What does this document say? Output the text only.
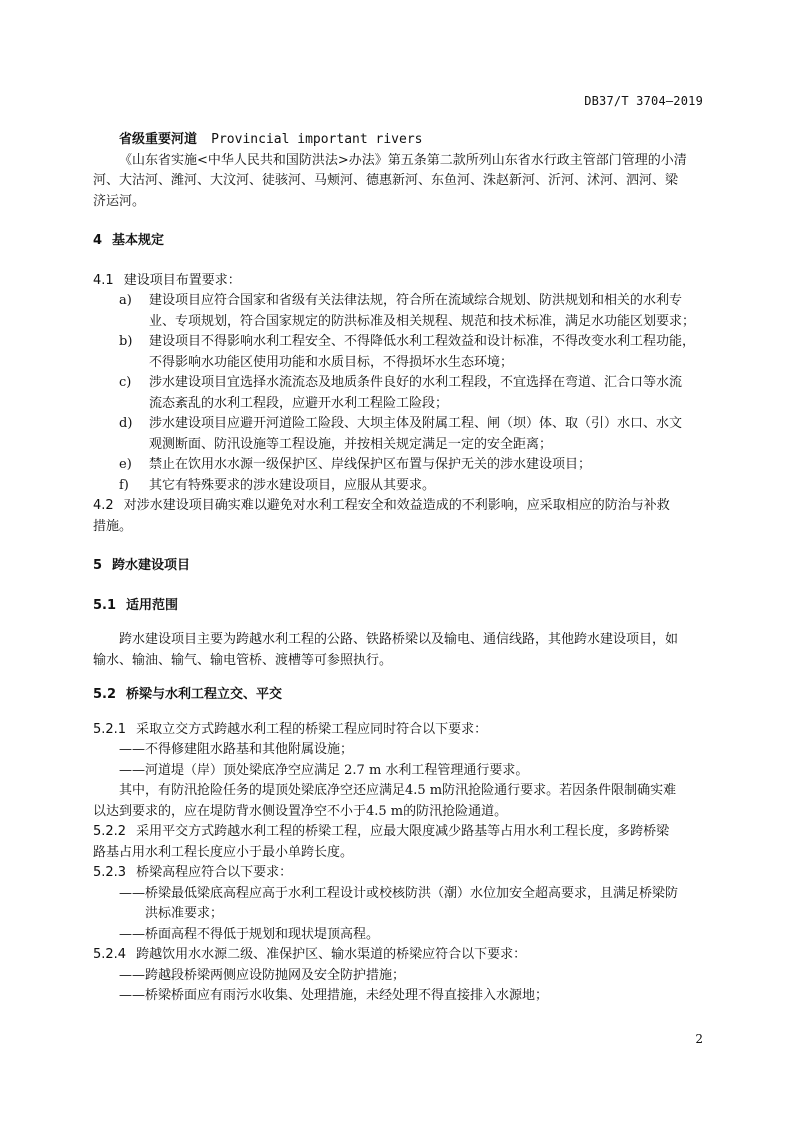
DB37/T 3704—2019
省级重要河道 Provincial important rivers
《山东省实施<中华人民共和国防洪法>办法》第五条第二款所列山东省水行政主管部门管理的小清
河、大沽河、潍河、大汶河、徒骇河、马颊河、德惠新河、东鱼河、洙赵新河、沂河、沭河、泗河、梁
济运河。
4 基本规定
4.1 建设项目布置要求：
a)	建设项目应符合国家和省级有关法律法规，符合所在流域综合规划、防洪规划和相关的水利专
业、专项规划，符合国家规定的防洪标准及相关规程、规范和技术标准，满足水功能区划要求；
b)	建设项目不得影响水利工程安全、不得降低水利工程效益和设计标准，不得改变水利工程功能，
不得影响水功能区使用功能和水质目标，不得损坏水生态环境；
c)	涉水建设项目宜选择水流流态及地质条件良好的水利工程段，不宜选择在弯道、汇合口等水流
流态紊乱的水利工程段，应避开水利工程险工险段；
d)	涉水建设项目应避开河道险工险段、大坝主体及附属工程、闸（坝）体、取（引）水口、水文
观测断面、防汛设施等工程设施，并按相关规定满足一定的安全距离；
e)	禁止在饮用水水源一级保护区、岸线保护区布置与保护无关的涉水建设项目；
f)	其它有特殊要求的涉水建设项目，应服从其要求。
4.2 对涉水建设项目确实难以避免对水利工程安全和效益造成的不利影响，应采取相应的防治与补救
措施。
5 跨水建设项目
5.1 适用范围
跨水建设项目主要为跨越水利工程的公路、铁路桥梁以及输电、通信线路，其他跨水建设项目，如
输水、输油、输气、输电管桥、渡槽等可参照执行。
5.2 桥梁与水利工程立交、平交
5.2.1 采取立交方式跨越水利工程的桥梁工程应同时符合以下要求：
——不得修建阻水路基和其他附属设施；
——河道堤（岸）顶处梁底净空应满足 2.7 m 水利工程管理通行要求。
其中，有防汛抢险任务的堤顶处梁底净空还应满足4.5 m防汛抢险通行要求。若因条件限制确实难
以达到要求的，应在堤防背水侧设置净空不小于4.5 m的防汛抢险通道。
5.2.2 采用平交方式跨越水利工程的桥梁工程，应最大限度减少路基等占用水利工程长度，多跨桥梁
路基占用水利工程长度应小于最小单跨长度。
5.2.3 桥梁高程应符合以下要求：
——桥梁最低梁底高程应高于水利工程设计或校核防洪（潮）水位加安全超高要求，且满足桥梁防
洪标准要求；
——桥面高程不得低于规划和现状堤顶高程。
5.2.4 跨越饮用水水源二级、准保护区、输水渠道的桥梁应符合以下要求：
——跨越段桥梁两侧应设防抛网及安全防护措施；
——桥梁桥面应有雨污水收集、处理措施，未经处理不得直接排入水源地；
2
